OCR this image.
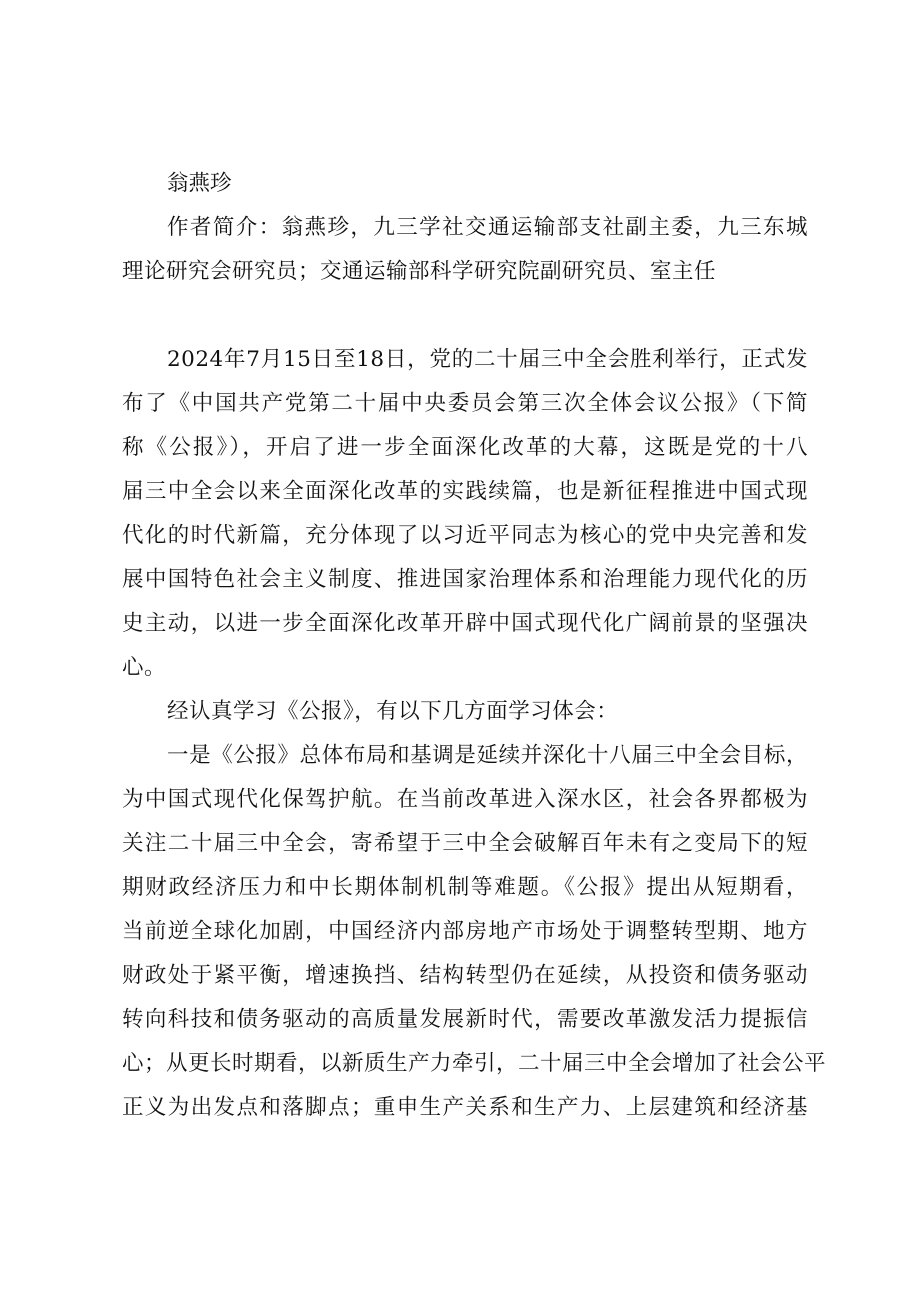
翁燕珍
作者简介：翁燕珍，九三学社交通运输部支社副主委，九三东城
理论研究会研究员；交通运输部科学研究院副研究员、室主任
2024年7月15日至18日，党的二十届三中全会胜利举行，正式发
布了《中国共产党第二十届中央委员会第三次全体会议公报》（下简
称《公报》），开启了进一步全面深化改革的大幕，这既是党的十八
届三中全会以来全面深化改革的实践续篇，也是新征程推进中国式现
代化的时代新篇，充分体现了以习近平同志为核心的党中央完善和发
展中国特色社会主义制度、推进国家治理体系和治理能力现代化的历
史主动，以进一步全面深化改革开辟中国式现代化广阔前景的坚强决
心。
经认真学习《公报》，有以下几方面学习体会：
一是《公报》总体布局和基调是延续并深化十八届三中全会目标，
为中国式现代化保驾护航。在当前改革进入深水区，社会各界都极为
关注二十届三中全会，寄希望于三中全会破解百年未有之变局下的短
期财政经济压力和中长期体制机制等难题。《公报》提出从短期看，
当前逆全球化加剧，中国经济内部房地产市场处于调整转型期、地方
财政处于紧平衡，增速换挡、结构转型仍在延续，从投资和债务驱动
转向科技和债务驱动的高质量发展新时代，需要改革激发活力提振信
心；从更长时期看，以新质生产力牵引，二十届三中全会增加了社会公平
正义为出发点和落脚点；重申生产关系和生产力、上层建筑和经济基
